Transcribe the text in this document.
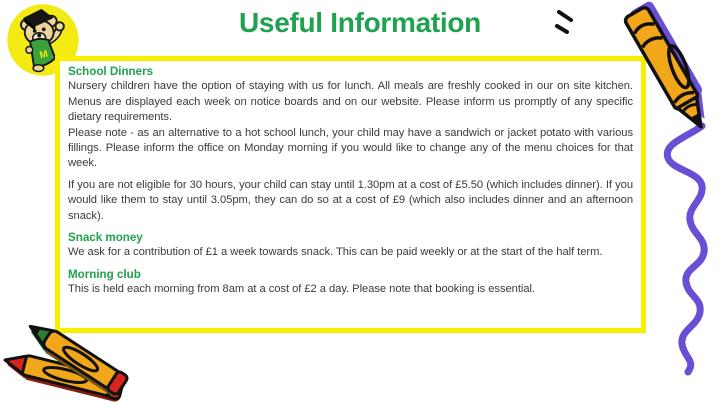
Useful Information
M
School Dinners

Nursery children have the option of staying with us for lunch. All meals are freshly cooked in our on site kitchen. Menus are displayed each week on notice boards and on our website. Please inform us promptly of any specific dietary requirements.

Please note - as an alternative to a hot school lunch, your child may have a sandwich or jacket potato with various fillings. Please inform the office on Monday morning if you would like to change any of the menu choices for that week.

If you are not eligible for 30 hours, your child can stay until 1.30pm at a cost of £5.50 (which includes dinner). If you would like them to stay until 3.05pm, they can do so at a cost of £9 (which also includes dinner and an afternoon snack).

Snack money

We ask for a contribution of £1 a week towards snack. This can be paid weekly or at the start of the half term.

Morning club

This is held each morning from 8am at a cost of £2 a day. Please note that booking is essential.
